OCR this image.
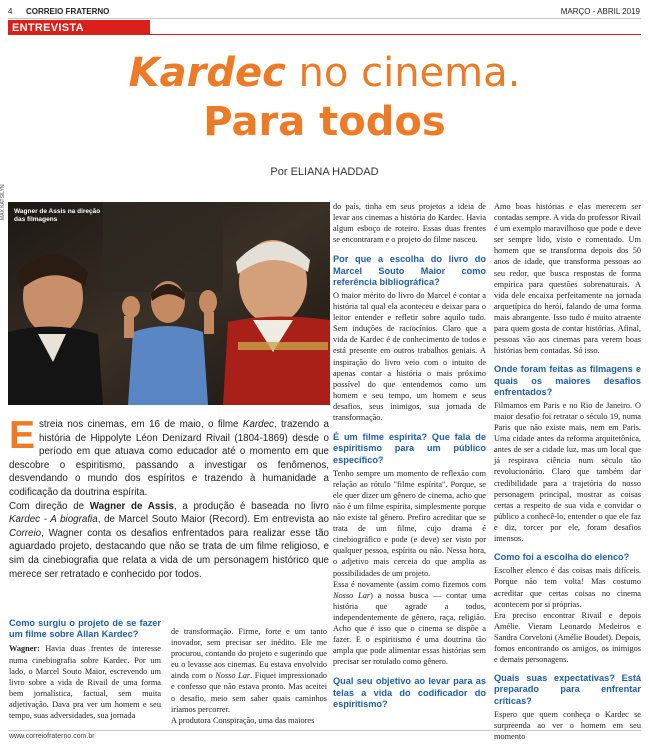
4 CORREIO FRATERNO	MARÇO - ABRIL 2019
ENTREVISTA
Kardec no cinema.
Para todos
Por ELIANA HADDAD
MAX KATSILYN Wagner de Assis na direção das filmagens

Estreia nos cinemas, em 16 de maio, o filme Kardec, trazendo a história de Hippolyte Léon Denizard Rivail (1804-1869) desde o período em que atuava como educador até o momento em que descobre o espiritismo, passando a investigar os fenômenos, desvendando o mundo dos espíritos e trazendo à humanidade a codificação da doutrina espírita.

Com direção de Wagner de Assis, a produção é baseada no livro Kardec - A biografia, de Marcel Souto Maior (Record). Em entrevista ao Correio, Wagner conta os desafios enfrentados para realizar esse tão aguardado projeto, destacando que não se trata de um filme religioso, e sim da cinebiografia que relata a vida de um personagem histórico que merece ser retratado e conhecido por todos.

Como surgiu o projeto de se fazer um filme sobre Allan Kardec?

Wagner: Havia duas frentes de interesse numa cinebiografia sobre Kardec. Por um lado, o Marcel Souto Maior, escrevendo um livro sobre a vida de Rivail de uma forma bem jornalística, factual, sem muita adjetivação. Dava pra ver um homem e seu tempo, suas adversidades, sua jornada

de transformação. Firme, forte e um tanto inovador, sem precisar ser inédito. Ele me procurou, contando do projeto e sugerindo que eu o levasse aos cinemas. Eu estava envolvido ainda com o Nosso Lar. Fiquei impressionado e confesso que não estava pronto. Mas aceitei o desafio, meio sem saber quais caminhos iríamos percorrer.

A produtora Conspiração, uma das maiores

do país, tinha em seus projetos a ideia de levar aos cinemas a história do Kardec. Havia algum esboço de roteiro. Essas duas frentes se encontraram e o projeto do filme nasceu.

Por que a escolha do livro do Marcel Souto Maior como referência bibliográfica?

O maior mérito do livro do Marcel é contar a história tal qual ela aconteceu e deixar para o leitor entender e refletir sobre aquilo tudo. Sem induções de raciocínios. Claro que a vida de Kardec é de conhecimento de todos e está presente em outros trabalhos geniais. A inspiração do livro veio com o intuito de apenas contar a história o mais próximo possível do que entendemos como um homem e seu tempo, um homem e seus desafios, seus inimigos, sua jornada de transformação.

É um filme espírita? Que fala de espiritismo para um público específico?

Tenho sempre um momento de reflexão com relação ao rótulo "filme espírita". Porque, se ele quer dizer um gênero de cinema, acho que não é um filme espírita, simplesmente porque não existe tal gênero. Prefiro acreditar que se trata de um filme, cujo drama é cinebiográfico e pode (e deve) ser visto por qualquer pessoa, espírita ou não. Nessa hora, o adjetivo mais cerceia do que amplia as possibilidades de um projeto.

Essa é novamente (assim como fizemos com Nosso Lar) a nossa busca — contar uma história que agrade a todos, independentemente de gênero, raça, religião. Acho que é isso que o cinema se dispõe a fazer. E o espiritismo é uma doutrina tão ampla que pode alimentar essas histórias sem precisar ser rotulado como gênero.

Qual seu objetivo ao levar para as telas a vida do codificador do espiritismo?

Amo boas histórias e elas merecem ser contadas sempre. A vida do professor Rivail é um exemplo maravilhoso que pode e deve ser sempre lido, visto e comentado. Um homem que se transforma depois dos 50 anos de idade, que transforma pessoas ao seu redor, que busca respostas de forma empírica para questões sobrenaturais. A vida dele encaixa perfeitamente na jornada arquetípica do herói, falando de uma forma mais abrangente. Isso tudo é muito atraente para quem gosta de contar histórias. Afinal, pessoas vão aos cinemas para verem boas histórias bem contadas. Só isso.

Onde foram feitas as filmagens e quais os maiores desafios enfrentados?

Filmamos em Paris e no Rio de Janeiro. O maior desafio foi retratar o século 19, numa Paris que não existe mais, nem em Paris. Uma cidade antes da reforma arquitetônica, antes de ser a cidade luz, mas um local que já respirava ciência num século tão revolucionário. Claro que também dar credibilidade para a trajetória do nosso personagem principal, mostrar as coisas certas a respeito de sua vida e convidar o público a conhecê-lo, entender o que ele faz e diz, torcer por ele, foram desafios imensos.

Como foi a escolha do elenco?

Escolher elenco é das coisas mais difíceis. Porque não tem volta! Mas costumo acreditar que certas coisas no cinema acontecem por si próprias.

Era preciso encontrar Rivail e depois Amélie. Vieram Leonardo Medeiros e Sandra Corveloni (Amélie Boudet). Depois, fomos encontrando os amigos, os inimigos e demais personagens.

Quais suas expectativas? Está preparado para enfrentar críticas?

Espero que quem conheça o Kardec se surpreenda ao ver o homem em seu momento

www.correiofraterno.com.br
